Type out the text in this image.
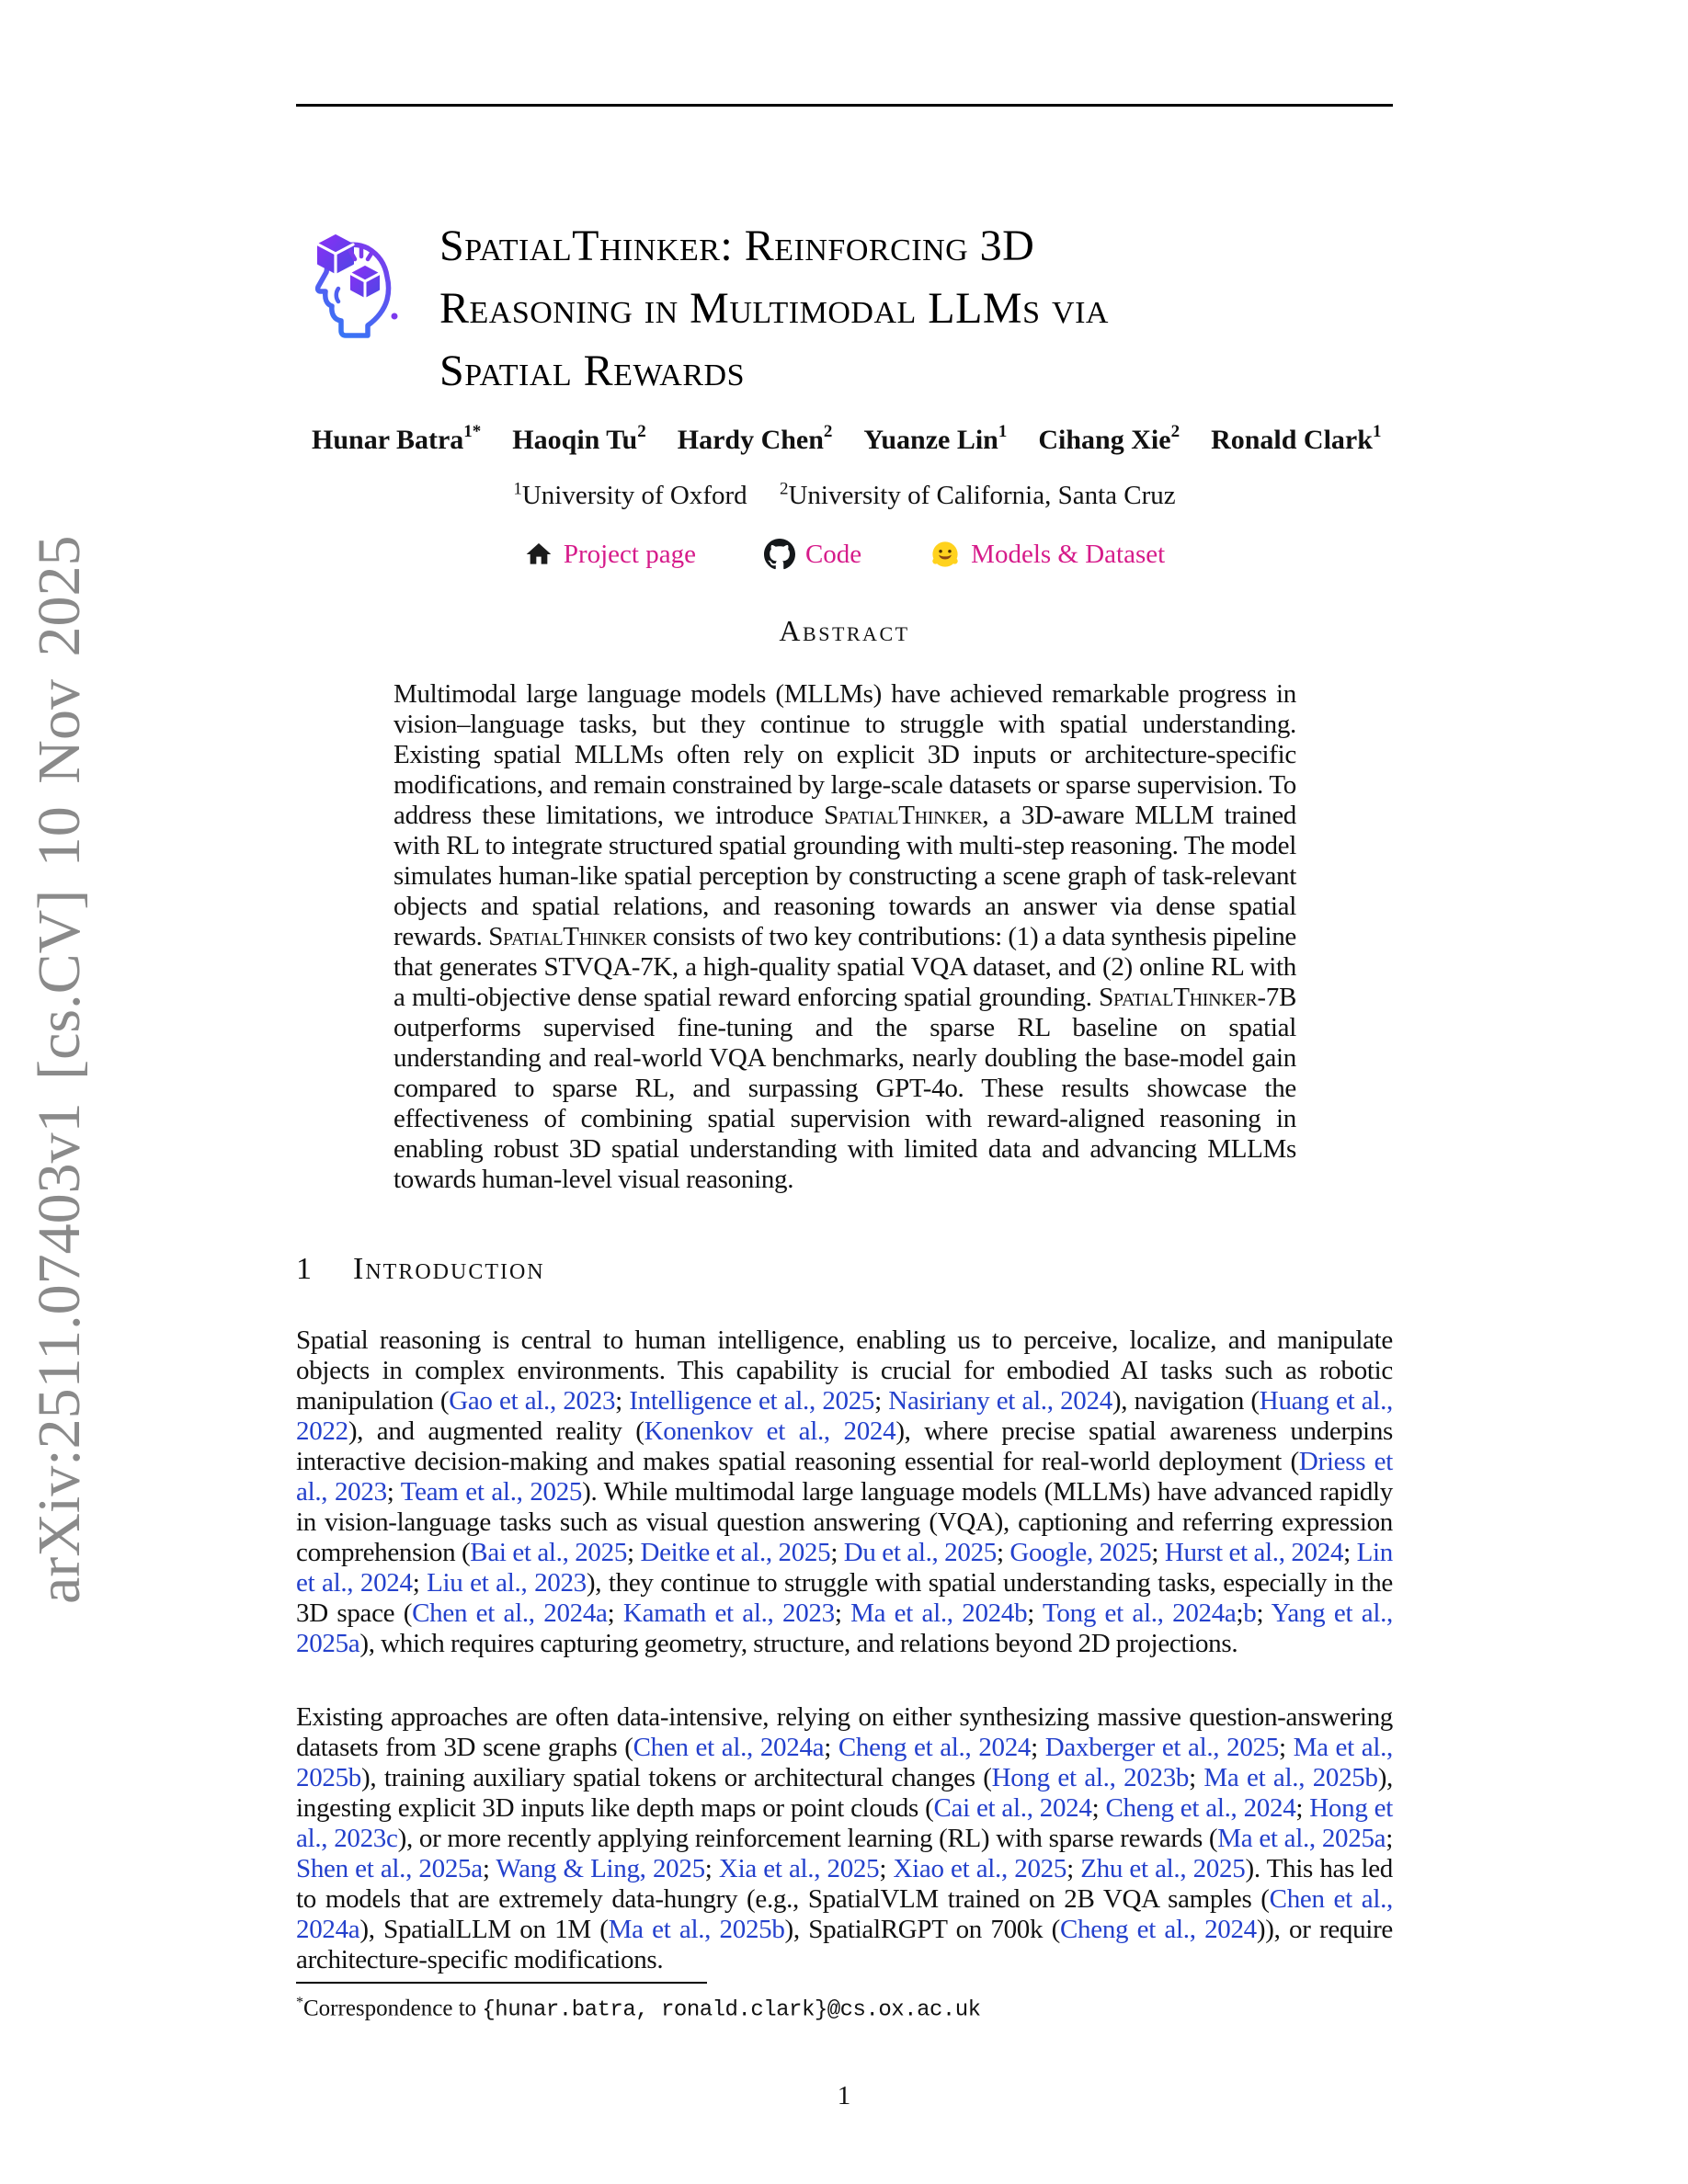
arXiv:2511.07403v1 [cs.CV] 10 Nov 2025
SpatialThinker: Reinforcing 3D
Reasoning in Multimodal LLMs via
Spatial Rewards
Hunar Batra$^{1*}$ Haoqin Tu$^2$ Hardy Chen$^2$ Yuanze Lin$^1$ Cihang Xie$^2$ Ronald Clark$^1$
$^1$University of Oxford $^2$University of California, Santa Cruz
Project page	Code	Models & Dataset
Abstract
Multimodal large language models (MLLMs) have achieved remarkable progress in vision–language tasks, but they continue to struggle with spatial understanding. Existing spatial MLLMs often rely on explicit 3D inputs or architecture-specific modifications, and remain constrained by large-scale datasets or sparse supervision. To address these limitations, we introduce SpatialThinker, a 3D-aware MLLM trained with RL to integrate structured spatial grounding with multi-step reasoning. The model simulates human-like spatial perception by constructing a scene graph of task-relevant objects and spatial relations, and reasoning towards an answer via dense spatial rewards. SpatialThinker consists of two key contributions: (1) a data synthesis pipeline that generates STVQA-7K, a high-quality spatial VQA dataset, and (2) online RL with a multi-objective dense spatial reward enforcing spatial grounding. SpatialThinker-7B outperforms supervised fine-tuning and the sparse RL baseline on spatial understanding and real-world VQA benchmarks, nearly doubling the base-model gain compared to sparse RL, and surpassing GPT-4o. These results showcase the effectiveness of combining spatial supervision with reward-aligned reasoning in enabling robust 3D spatial understanding with limited data and advancing MLLMs towards human-level visual reasoning.
1 Introduction

Spatial reasoning is central to human intelligence, enabling us to perceive, localize, and manipulate objects in complex environments. This capability is crucial for embodied AI tasks such as robotic manipulation (Gao et al., 2023; Intelligence et al., 2025; Nasiriany et al., 2024), navigation (Huang et al., 2022), and augmented reality (Konenkov et al., 2024), where precise spatial awareness underpins interactive decision-making and makes spatial reasoning essential for real-world deployment (Driess et al., 2023; Team et al., 2025). While multimodal large language models (MLLMs) have advanced rapidly in vision-language tasks such as visual question answering (VQA), captioning and referring expression comprehension (Bai et al., 2025; Deitke et al., 2025; Du et al., 2025; Google, 2025; Hurst et al., 2024; Lin et al., 2024; Liu et al., 2023), they continue to struggle with spatial understanding tasks, especially in the 3D space (Chen et al., 2024a; Kamath et al., 2023; Ma et al., 2024b; Tong et al., 2024a;b; Yang et al., 2025a), which requires capturing geometry, structure, and relations beyond 2D projections.

Existing approaches are often data-intensive, relying on either synthesizing massive question-answering datasets from 3D scene graphs (Chen et al., 2024a; Cheng et al., 2024; Daxberger et al., 2025; Ma et al., 2025b), training auxiliary spatial tokens or architectural changes (Hong et al., 2023b; Ma et al., 2025b), ingesting explicit 3D inputs like depth maps or point clouds (Cai et al., 2024; Cheng et al., 2024; Hong et al., 2023c), or more recently applying reinforcement learning (RL) with sparse rewards (Ma et al., 2025a; Shen et al., 2025a; Wang & Ling, 2025; Xia et al., 2025; Xiao et al., 2025; Zhu et al., 2025). This has led to models that are extremely data-hungry (e.g., SpatialVLM trained on 2B VQA samples (Chen et al., 2024a), SpatialLLM on 1M (Ma et al., 2025b), SpatialRGPT on 700k (Cheng et al., 2024)), or require architecture-specific modifications.

*Correspondence to {hunar.batra, ronald.clark}@cs.ox.ac.uk
1
